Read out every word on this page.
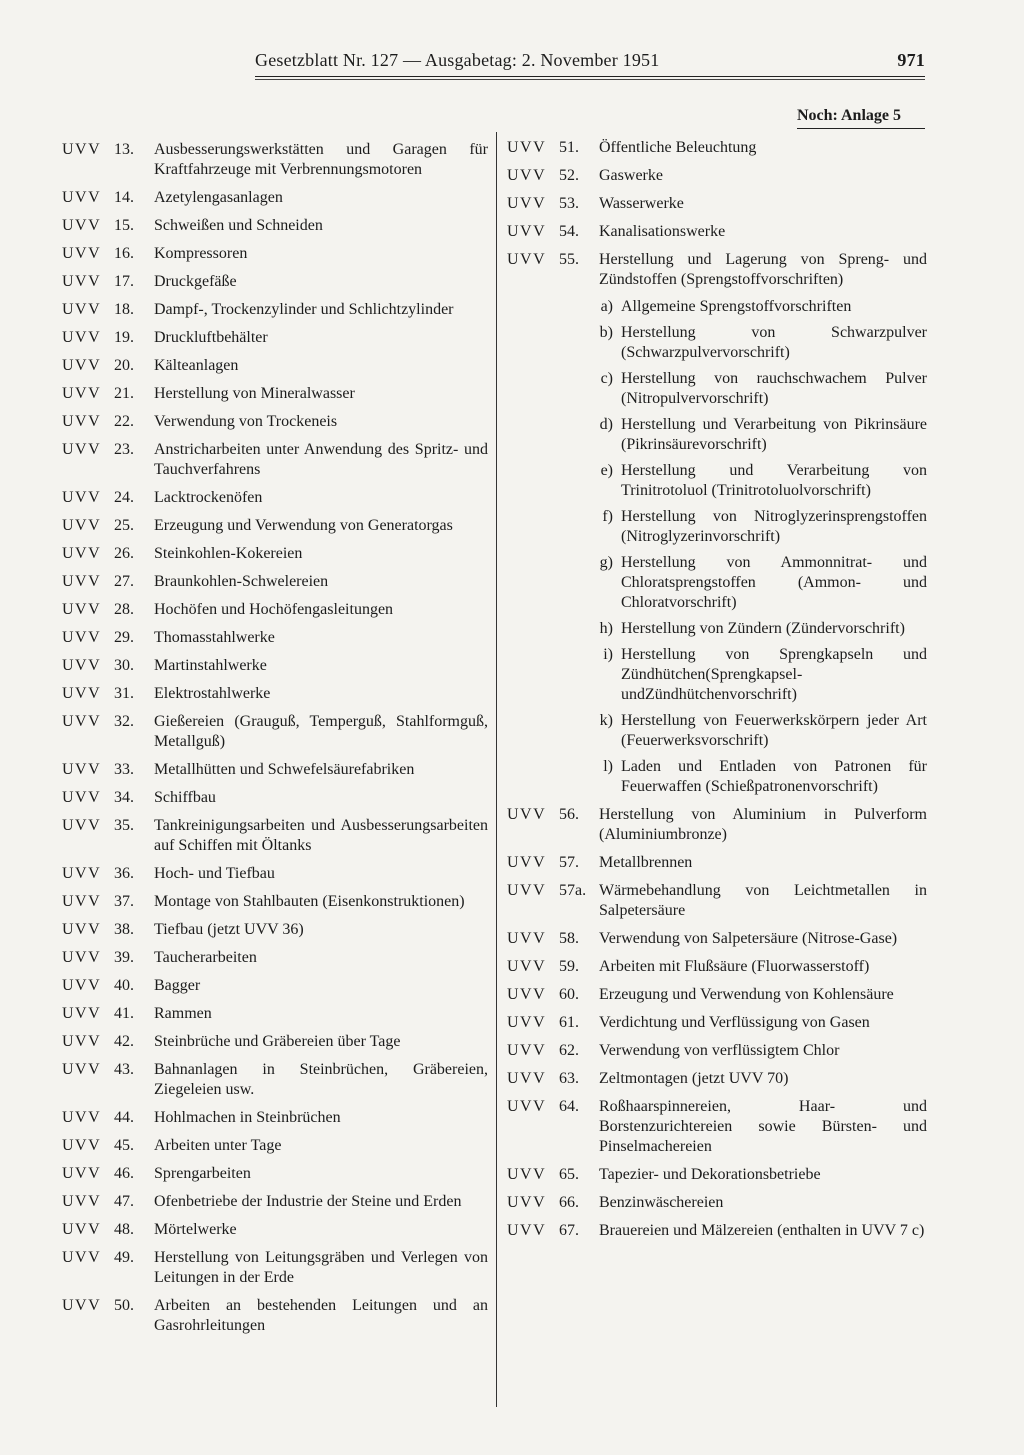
Gesetzblatt Nr. 127 — Ausgabetag: 2. November 1951	971
Noch: Anlage 5
UVV 13. Ausbesserungswerkstätten und Garagen für Kraftfahrzeuge mit Verbrennungsmotoren
UVV 14. Azetylengasanlagen
UVV 15. Schweißen und Schneiden
UVV 16. Kompressoren
UVV 17. Druckgefäße
UVV 18. Dampf-, Trockenzylinder und Schlichtzylinder
UVV 19. Druckluftbehälter
UVV 20. Kälteanlagen
UVV 21. Herstellung von Mineralwasser
UVV 22. Verwendung von Trockeneis
UVV 23. Anstricharbeiten unter Anwendung des Spritz- und Tauchverfahrens
UVV 24. Lacktrockenöfen
UVV 25. Erzeugung und Verwendung von Generatorgas
UVV 26. Steinkohlen-Kokereien
UVV 27. Braunkohlen-Schwelereien
UVV 28. Hochöfen und Hochöfengasleitungen
UVV 29. Thomasstahlwerke
UVV 30. Martinstahlwerke
UVV 31. Elektrostahlwerke
UVV 32. Gießereien (Grauguß, Temperguß, Stahlformguß, Metallguß)
UVV 33. Metallhütten und Schwefelsäurefabriken
UVV 34. Schiffbau
UVV 35. Tankreinigungsarbeiten und Ausbesserungsarbeiten auf Schiffen mit Öltanks
UVV 36. Hoch- und Tiefbau
UVV 37. Montage von Stahlbauten (Eisenkonstruktionen)
UVV 38. Tiefbau (jetzt UVV 36)
UVV 39. Taucherarbeiten
UVV 40. Bagger
UVV 41. Rammen
UVV 42. Steinbrüche und Gräbereien über Tage
UVV 43. Bahnanlagen in Steinbrüchen, Gräbereien, Ziegeleien usw.
UVV 44. Hohlmachen in Steinbrüchen
UVV 45. Arbeiten unter Tage
UVV 46. Sprengarbeiten
UVV 47. Ofenbetriebe der Industrie der Steine und Erden
UVV 48. Mörtelwerke
UVV 49. Herstellung von Leitungsgräben und Verlegen von Leitungen in der Erde
UVV 50. Arbeiten an bestehenden Leitungen und an Gasrohrleitungen
UVV 51. Öffentliche Beleuchtung
UVV 52. Gaswerke
UVV 53. Wasserwerke
UVV 54. Kanalisationswerke
UVV 55. Herstellung und Lagerung von Spreng- und Zündstoffen (Sprengstoffvorschriften)
a) Allgemeine Sprengstoffvorschriften
b) Herstellung von Schwarzpulver (Schwarzpulvervorschrift)
c) Herstellung von rauchschwachem Pulver (Nitropulvervorschrift)
d) Herstellung und Verarbeitung von Pikrinsäure (Pikrinsäurevorschrift)
e) Herstellung und Verarbeitung von Trinitrotoluol (Trinitrotoluolvorschrift)
f) Herstellung von Nitroglyzerinsprengstoffen (Nitroglyzerinvorschrift)
g) Herstellung von Ammonnitrat- und Chloratsprengstoffen (Ammon- und Chloratvorschrift)
h) Herstellung von Zündern (Zündervorschrift)
i) Herstellung von Sprengkapseln und Zündhütchen(Sprengkapsel-undZündhütchenvorschrift)
k) Herstellung von Feuerwerkskörpern jeder Art (Feuerwerksvorschrift)
l) Laden und Entladen von Patronen für Feuerwaffen (Schießpatronenvorschrift)
UVV 56. Herstellung von Aluminium in Pulverform (Aluminiumbronze)
UVV 57. Metallbrennen
UVV 57a. Wärmebehandlung von Leichtmetallen in Salpetersäure
UVV 58. Verwendung von Salpetersäure (Nitrose-Gase)
UVV 59. Arbeiten mit Flußsäure (Fluorwasserstoff)
UVV 60. Erzeugung und Verwendung von Kohlensäure
UVV 61. Verdichtung und Verflüssigung von Gasen
UVV 62. Verwendung von verflüssigtem Chlor
UVV 63. Zeltmontagen (jetzt UVV 70)
UVV 64. Roßhaarspinnereien, Haar- und Borstenzurichtereien sowie Bürsten- und Pinselmachereien
UVV 65. Tapezier- und Dekorationsbetriebe
UVV 66. Benzinwäschereien
UVV 67. Brauereien und Mälzereien (enthalten in UVV 7 c)
